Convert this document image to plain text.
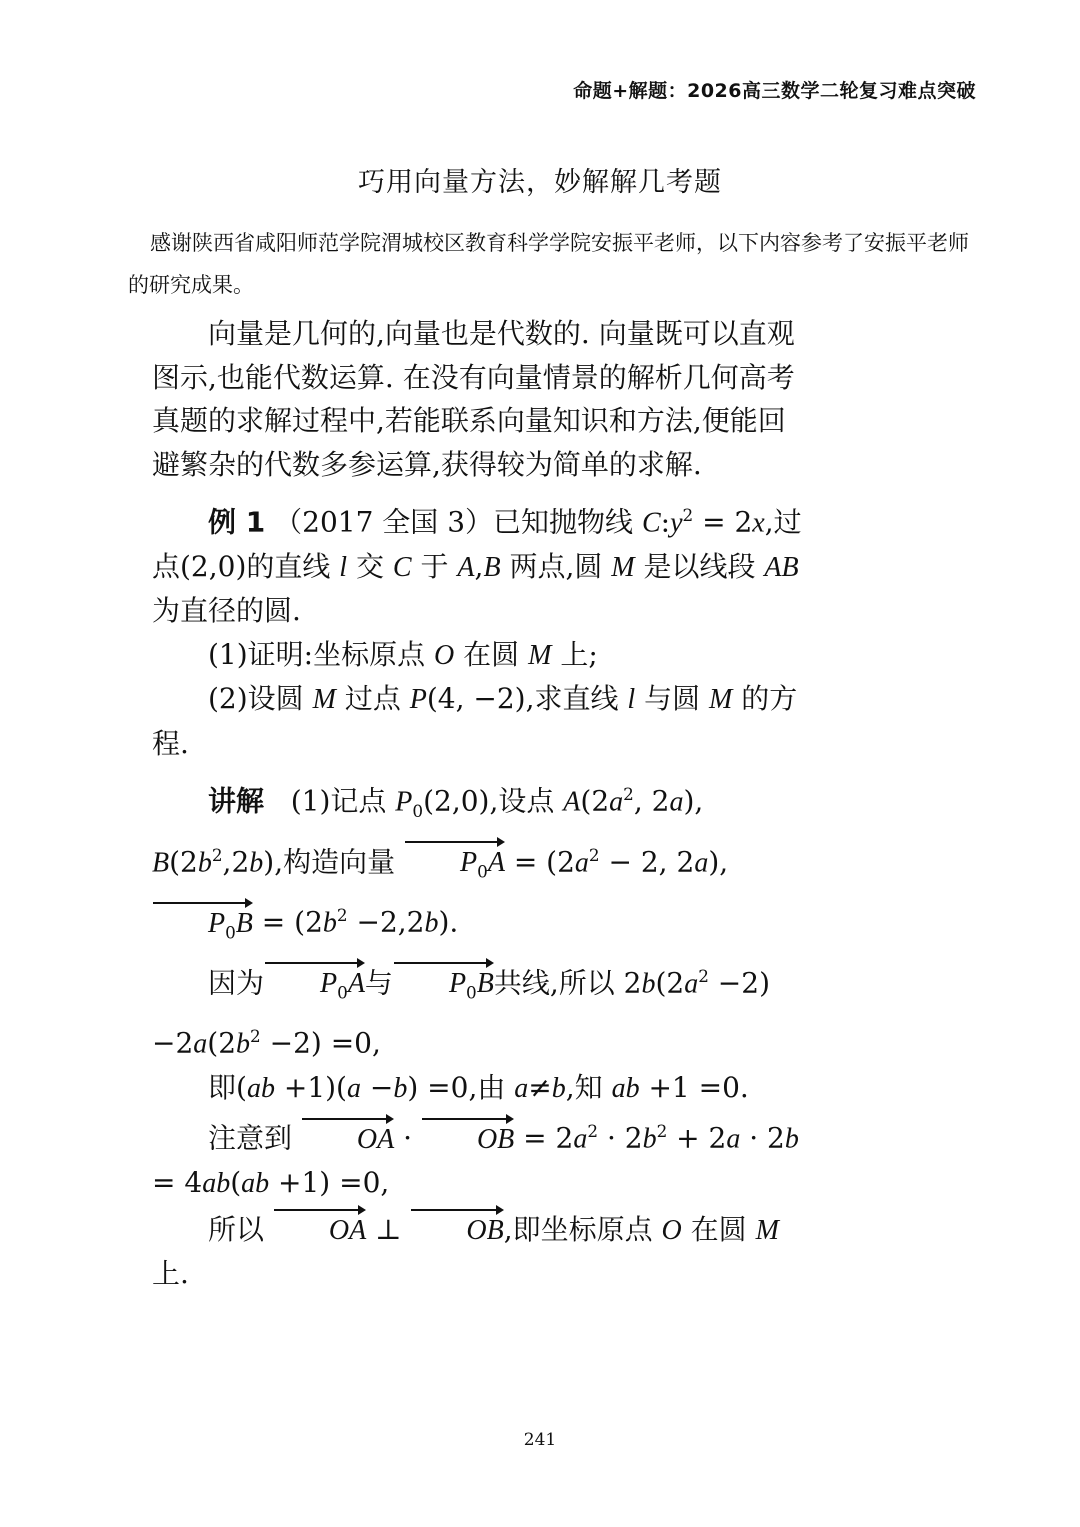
命题+解题：2026高三数学二轮复习难点突破
巧用向量方法，妙解解几考题
感谢陕西省咸阳师范学院渭城校区教育科学学院安振平老师，以下内容参考了安振平老师的研究成果。

向量是几何的,向量也是代数的. 向量既可以直观图示,也能代数运算. 在没有向量情景的解析几何高考真题的求解过程中,若能联系向量知识和方法,便能回避繁杂的代数多参运算,获得较为简单的求解.

例 1 （2017 全国 3）已知抛物线 $C:y^2 = 2x$,过点(2,0)的直线 l 交 C 于 A,B 两点,圆 M 是以线段 AB 为直径的圆.

(1)证明:坐标原点 O 在圆 M 上;

(2)设圆 M 过点 P(4, −2),求直线 l 与圆 M 的方程.

讲解 (1)记点 $P_0(2,0)$,设点 $A(2a^2$, 2a), $B(2b^2,2b)$,构造向量 $P_0A = (2a^2 - 2$, 2a), $P_0B = (2b^2 -2,2b)$.

因为 $P_0A$与 $P_0B$共线,所以 $2b(2a^2 -2) -2a(2b^2 -2) =0$,

即(ab +1)(a −b) =0,由 a≠b,知 ab +1 =0.

注意到 OA · OB = $2a^2 \cdot 2b^2 + 2a \cdot 2b = 4ab(ab +1) =0$,

所以 OA ⊥ OB,即坐标原点 O 在圆 M 上.

241
